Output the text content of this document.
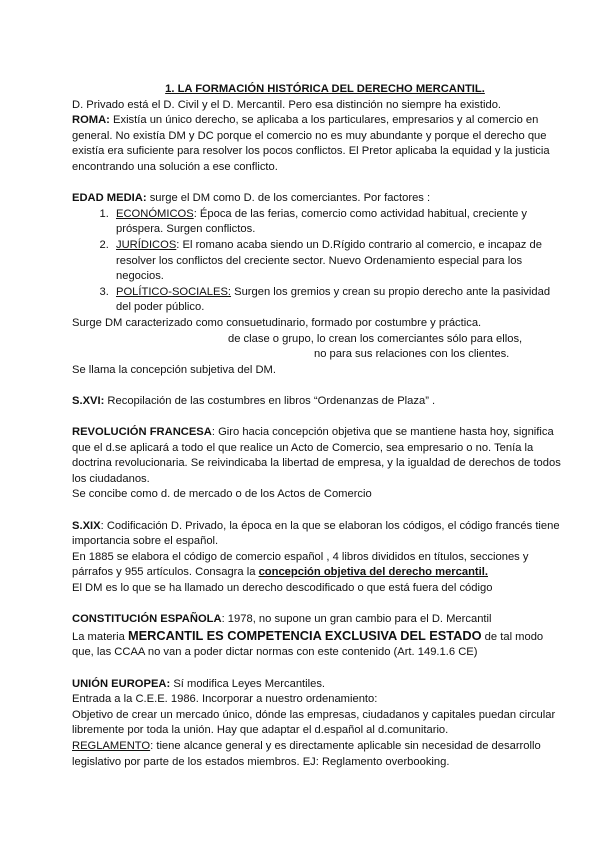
1. LA FORMACIÓN HISTÓRICA DEL DERECHO MERCANTIL.

D. Privado está el D. Civil y el D. Mercantil. Pero esa distinción no siempre ha existido.

ROMA: Existía un único derecho, se aplicaba a los particulares, empresarios y al comercio en general. No existía DM y DC porque el comercio no es muy abundante y porque el derecho que existía era suficiente para resolver los pocos conflictos. El Pretor aplicaba la equidad y la justicia encontrando una solución a ese conflicto.

EDAD MEDIA: surge el DM como D. de los comerciantes. Por factores :

1. ECONÓMICOS: Época de las ferias, comercio como actividad habitual, creciente y próspera. Surgen conflictos.
2. JURÍDICOS: El romano acaba siendo un D.Rígido contrario al comercio, e incapaz de resolver los conflictos del creciente sector. Nuevo Ordenamiento especial para los negocios.
3. POLÍTICO-SOCIALES: Surgen los gremios y crean su propio derecho ante la pasividad del poder público.

Surge DM caracterizado como consuetudinario, formado por costumbre y práctica.

de clase o grupo, lo crean los comerciantes sólo para ellos,

no para sus relaciones con los clientes.

Se llama la concepción subjetiva del DM.

S.XVI: Recopilación de las costumbres en libros “Ordenanzas de Plaza” .

REVOLUCIÓN FRANCESA: Giro hacia concepción objetiva que se mantiene hasta hoy, significa que el d.se aplicará a todo el que realice un Acto de Comercio, sea empresario o no. Tenía la doctrina revolucionaria. Se reivindicaba la libertad de empresa, y la igualdad de derechos de todos los ciudadanos.

Se concibe como d. de mercado o de los Actos de Comercio

S.XIX: Codificación D. Privado, la época en la que se elaboran los códigos, el código francés tiene importancia sobre el español.

En 1885 se elabora el código de comercio español , 4 libros divididos en títulos, secciones y párrafos y 955 artículos. Consagra la concepción objetiva del derecho mercantil.

El DM es lo que se ha llamado un derecho descodificado o que está fuera del código

CONSTITUCIÓN ESPAÑOLA: 1978, no supone un gran cambio para el D. Mercantil

La materia MERCANTIL ES COMPETENCIA EXCLUSIVA DEL ESTADO de tal modo que, las CCAA no van a poder dictar normas con este contenido (Art. 149.1.6 CE)

UNIÓN EUROPEA: Sí modifica Leyes Mercantiles.

Entrada a la C.E.E. 1986. Incorporar a nuestro ordenamiento:

Objetivo de crear un mercado único, dónde las empresas, ciudadanos y capitales puedan circular libremente por toda la unión. Hay que adaptar el d.español al d.comunitario.

REGLAMENTO: tiene alcance general y es directamente aplicable sin necesidad de desarrollo legislativo por parte de los estados miembros. EJ: Reglamento overbooking.
